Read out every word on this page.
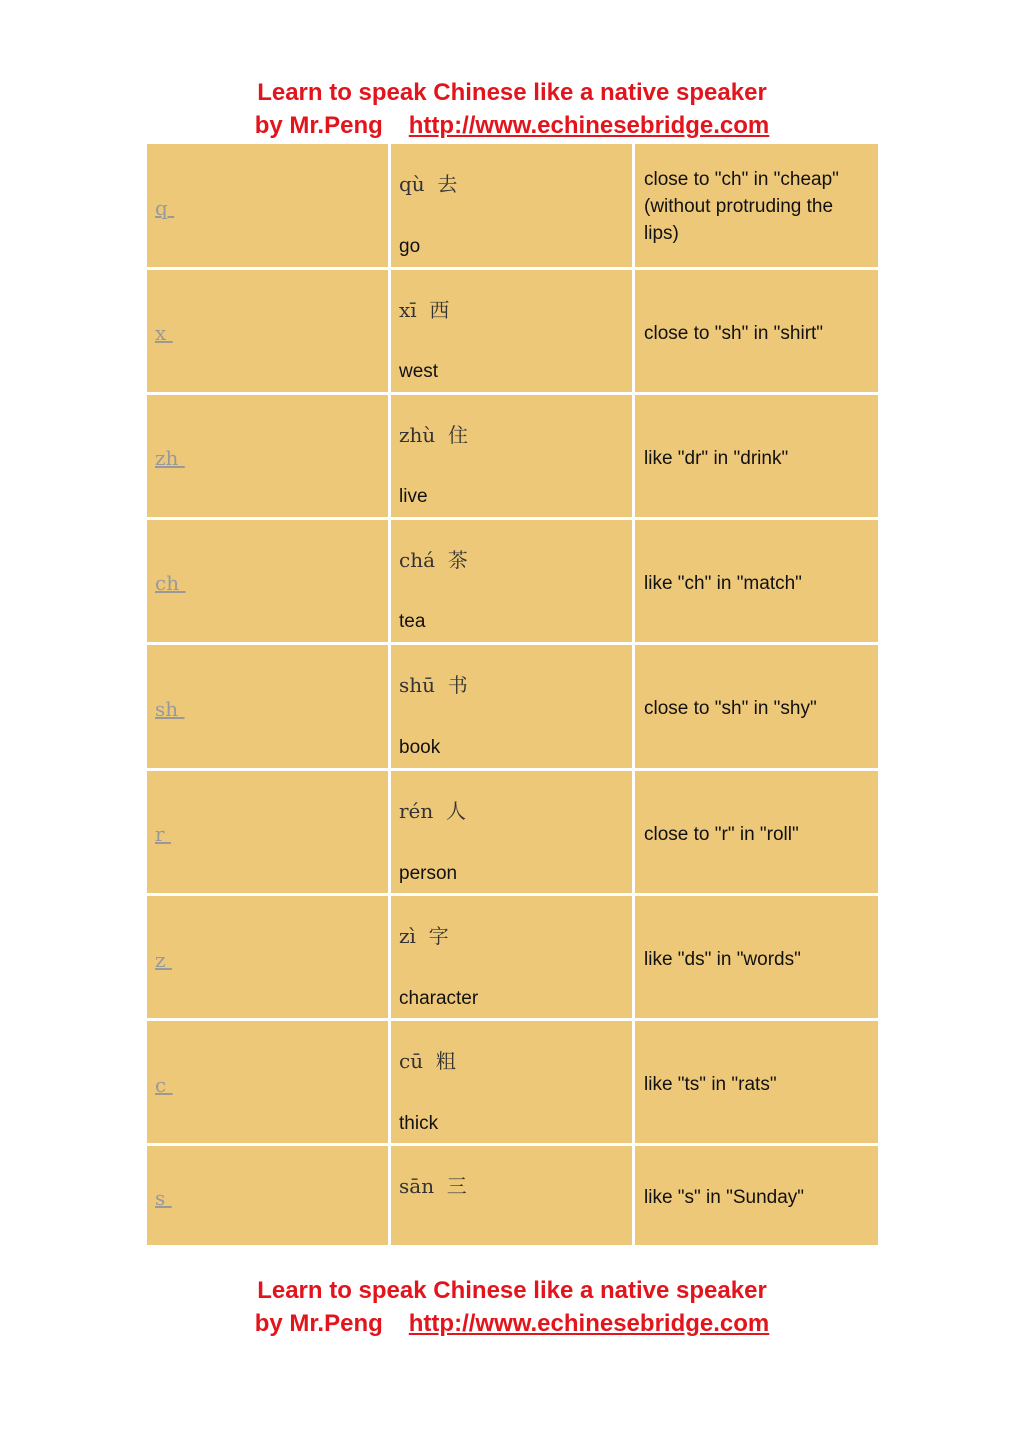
Learn to speak Chinese like a native speaker
by Mr.Peng http://www.echinesebridge.com
q
qù 去
go
close to "ch" in "cheap"(without protruding the lips)
x
xī 西
west
close to "sh" in "shirt"
zh
zhù 住
live
like "dr" in "drink"
ch
chá 茶
tea
like "ch" in "match"
sh
shū 书
book
close to "sh" in "shy"
r
rén 人
person
close to "r" in "roll"
z
zì 字
character
like "ds" in "words"
c
cū 粗
thick
like "ts" in "rats"
s	sān 三	like "s" in "Sunday"
Learn to speak Chinese like a native speaker
by Mr.Peng http://www.echinesebridge.com
